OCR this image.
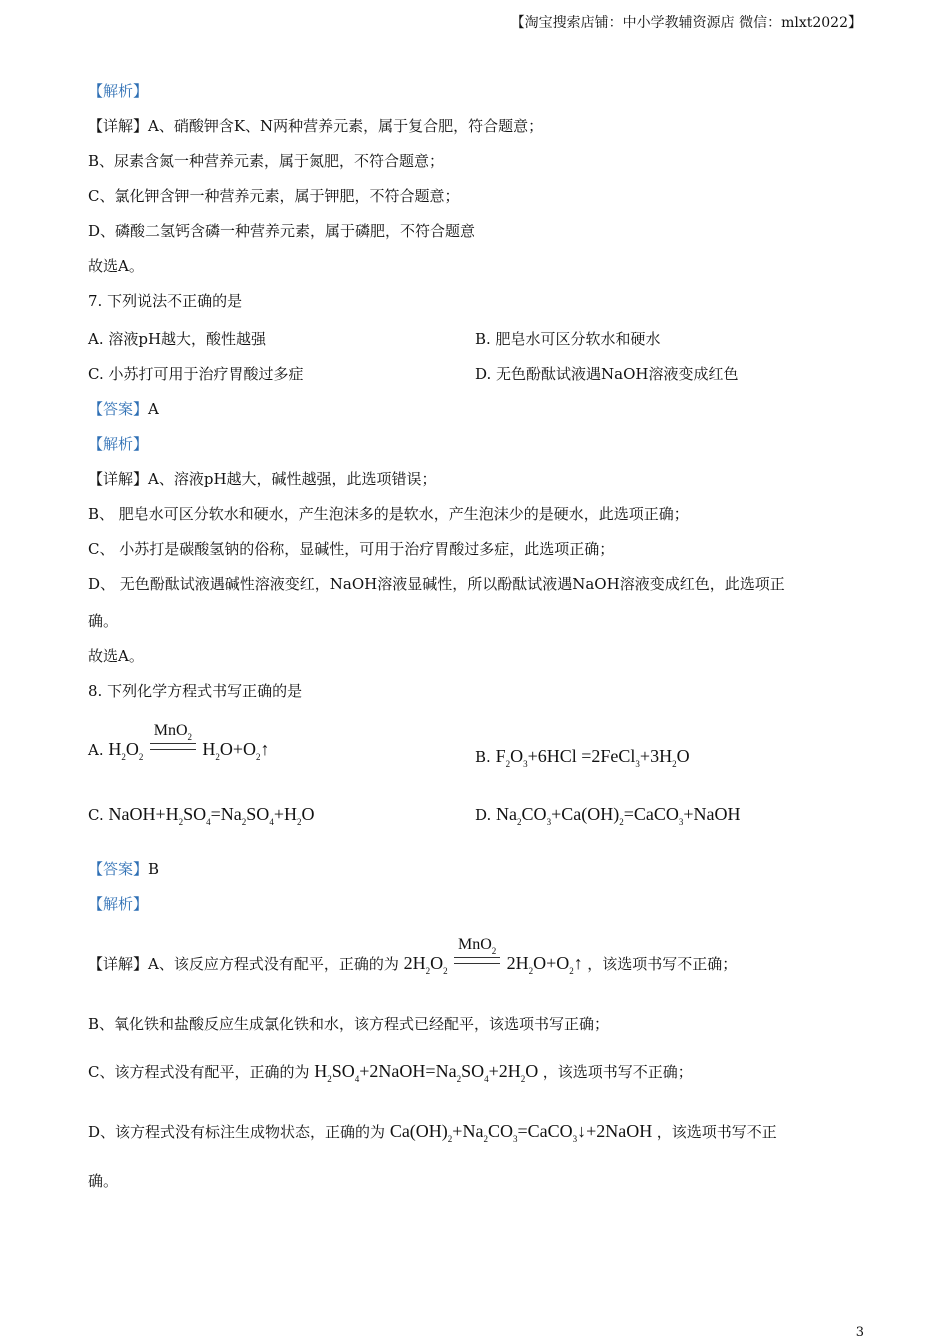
【淘宝搜索店铺：中小学教辅资源店 微信：mlxt2022】
【解析】
【详解】A、硝酸钾含K、N两种营养元素，属于复合肥，符合题意；
B、尿素含氮一种营养元素，属于氮肥，不符合题意；
C、氯化钾含钾一种营养元素，属于钾肥，不符合题意；
D、磷酸二氢钙含磷一种营养元素，属于磷肥，不符合题意
故选A。
7. 下列说法不正确的是
A. 溶液pH越大，酸性越强	B. 肥皂水可区分软水和硬水
C. 小苏打可用于治疗胃酸过多症	D. 无色酚酞试液遇NaOH溶液变成红色
【答案】A
【解析】
【详解】A、溶液pH越大，碱性越强，此选项错误；
B、 肥皂水可区分软水和硬水，产生泡沫多的是软水，产生泡沫少的是硬水，此选项正确；
C、 小苏打是碳酸氢钠的俗称，显碱性，可用于治疗胃酸过多症，此选项正确；
D、 无色酚酞试液遇碱性溶液变红，NaOH溶液显碱性，所以酚酞试液遇NaOH溶液变成红色，此选项正
确。
故选A。
8. 下列化学方程式书写正确的是
A. $H_2O_2$
MnO$_2$
$H_2O+O_2↑$	B. $F_2O_3+6HCl$ $=2FeCl_3+3H_2O$
C. $NaOH+H_2SO_4=Na_2SO_4+H_2O$	D. $Na_2CO_3+Ca(OH)_2=CaCO_3+NaOH$
【答案】B
【解析】
【详解】A、该反应方程式没有配平，正确的为 $2H_2O_2$
MnO$_2$
$2H_2O+O_2↑$ ，该选项书写不正确；
B、氧化铁和盐酸反应生成氯化铁和水，该方程式已经配平，该选项书写正确；
C、该方程式没有配平，正确的为 $H_2SO_4+2NaOH=Na_2SO_4+2H_2O$ ，该选项书写不正确；
D、该方程式没有标注生成物状态，正确的为 $Ca(OH)_2+Na_2CO_3=CaCO_3↓+2NaOH$ ，该选项书写不正
确。
3
